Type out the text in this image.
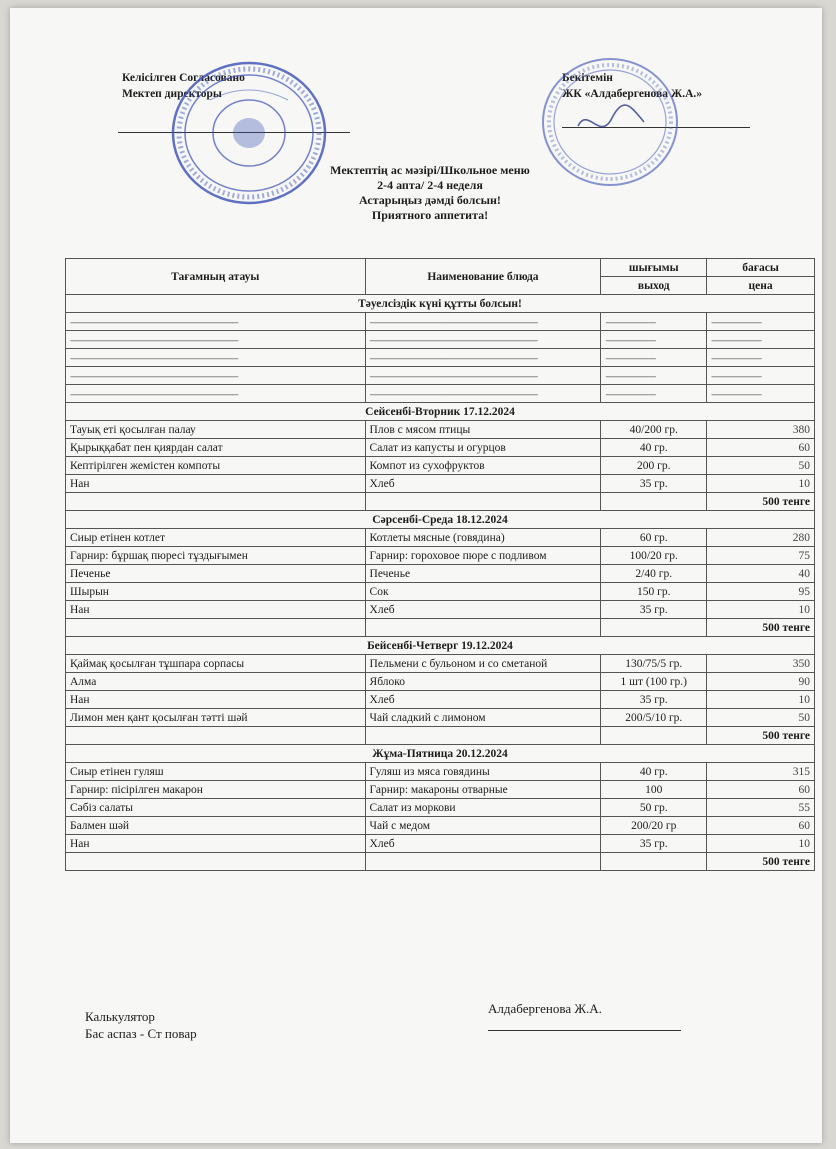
Келісілген Согласовано
Мектеп директоры
Бекітемін
ЖК «Алдабергенова Ж.А.»
Мектептің ас мәзірі/Школьное меню
2-4 апта/ 2-4 неделя
Астарыңыз дәмді болсын!
Приятного аппетита!
Тағамның атауы	Наименование блюда	шығымы	бағасы
		выход	цена
Тәуелсіздік күні құтты болсын!			
------------------------------------------------------------------------------------	------------------------------------------------------------------------------------	-------------------------	-------------------------
------------------------------------------------------------------------------------	------------------------------------------------------------------------------------	-------------------------	-------------------------
------------------------------------------------------------------------------------	------------------------------------------------------------------------------------	-------------------------	-------------------------
------------------------------------------------------------------------------------	------------------------------------------------------------------------------------	-------------------------	-------------------------
------------------------------------------------------------------------------------	------------------------------------------------------------------------------------	-------------------------	-------------------------
Сейсенбі-Вторник 17.12.2024			
Тауық еті қосылған палау	Плов с мясом птицы	40/200 гр.	380
Қырыққабат пен қиярдан салат	Салат из капусты и огурцов	40 гр.	60
Кептірілген жемістен компоты	Компот из сухофруктов	200 гр.	50
Нан	Хлеб	35 гр.	10
			500 тенге
Сәрсенбі-Среда 18.12.2024			
Сиыр етінен котлет	Котлеты мясные (говядина)	60 гр.	280
Гарнир: бұршақ пюресі тұздығымен	Гарнир: гороховое пюре с подливом	100/20 гр.	75
Печенье	Печенье	2/40 гр.	40
Шырын	Сок	150 гр.	95
Нан	Хлеб	35 гр.	10
			500 тенге
Бейсенбі-Четверг 19.12.2024			
Қаймақ қосылған тұшпара сорпасы	Пельмени с бульоном и со сметаной	130/75/5 гр.	350
Алма	Яблоко	1 шт (100 гр.)	90
Нан	Хлеб	35 гр.	10
Лимон мен қант қосылған тәтті шәй	Чай сладкий с лимоном	200/5/10 гр.	50
			500 тенге
Жұма-Пятница 20.12.2024			
Сиыр етінен гуляш	Гуляш из мяса говядины	40 гр.	315
Гарнир: пісірілген макарон	Гарнир: макароны отварные	100	60
Сәбіз салаты	Салат из моркови	50 гр.	55
Балмен шәй	Чай с медом	200/20 гр	60
Нан	Хлеб	35 гр.	10
			500 тенге
Калькулятор
Бас аспаз - Ст повар
Алдабергенова Ж.А.
